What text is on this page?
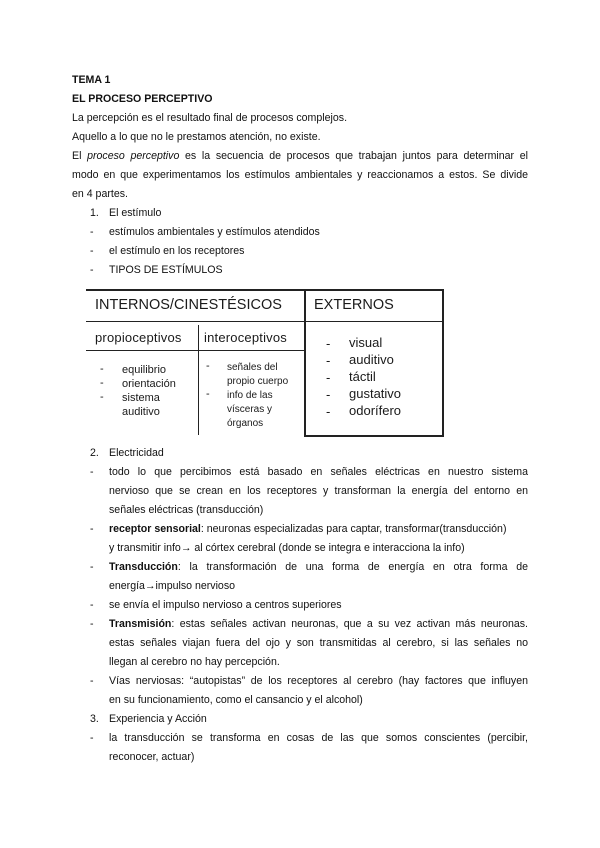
TEMA 1
EL PROCESO PERCEPTIVO
La percepción es el resultado final de procesos complejos.
Aquello a lo que no le prestamos atención, no existe.
El proceso perceptivo es la secuencia de procesos que trabajan juntos para determinar el
modo en que experimentamos los estímulos ambientales y reaccionamos a estos. Se divide
en 4 partes.
1. El estímulo
- estímulos ambientales y estímulos atendidos
- el estímulo en los receptores
- TIPOS DE ESTÍMULOS
INTERNOS/CINESTÉSICOS EXTERNOS
propioceptivos interoceptivos
- equilibrio
- orientación
- sistema
auditivo
- señales del
propio cuerpo
- info de las
vísceras y
órganos
- visual
- auditivo
- táctil
- gustativo
- odorífero
2. Electricidad
- todo lo que percibimos está basado en señales eléctricas en nuestro sistema
nervioso que se crean en los receptores y transforman la energía del entorno en
señales eléctricas (transducción)
- receptor sensorial: neuronas especializadas para captar, transformar(transducción)
y transmitir info→ al córtex cerebral (donde se integra e interacciona la info)
- Transducción: la transformación de una forma de energía en otra forma de
energía→impulso nervioso
- se envía el impulso nervioso a centros superiores
- Transmisión: estas señales activan neuronas, que a su vez activan más neuronas.
estas señales viajan fuera del ojo y son transmitidas al cerebro, si las señales no
llegan al cerebro no hay percepción.
- Vías nerviosas: “autopistas” de los receptores al cerebro (hay factores que influyen
en su funcionamiento, como el cansancio y el alcohol)
3. Experiencia y Acción
- la transducción se transforma en cosas de las que somos conscientes (percibir,
reconocer, actuar)
